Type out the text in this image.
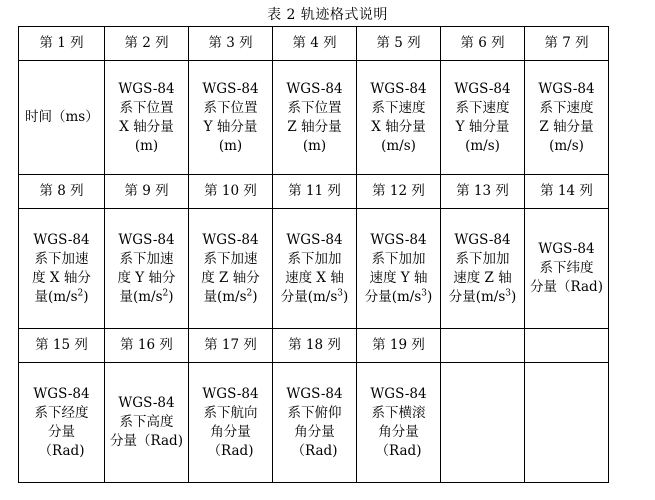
表 2 轨迹格式说明
第 1 列	第 2 列	第 3 列	第 4 列	第 5 列	第 6 列	第 7 列

时间（ms）	WGS-84
系下位置
X 轴分量
(m)	WGS-84
系下位置
Y 轴分量
(m)	WGS-84
系下位置
Z 轴分量
(m)	WGS-84
系下速度
X 轴分量
(m/s)	WGS-84
系下速度
Y 轴分量
(m/s)	WGS-84
系下速度
Z 轴分量
(m/s)

第 8 列	第 9 列	第 10 列	第 11 列	第 12 列	第 13 列	第 14 列

WGS-84
系下加速
度 X 轴分
量$(m/s^2)$	WGS-84
系下加速
度 Y 轴分
量$(m/s^2)$	WGS-84
系下加速
度 Z 轴分
量$(m/s^2)$	WGS-84
系下加加
速度 X 轴
分量$(m/s^3)$	WGS-84
系下加加
速度 Y 轴
分量$(m/s^3)$	WGS-84
系下加加
速度 Z 轴
分量$(m/s^3)$	WGS-84
系下纬度
分量（Rad)

第 15 列	第 16 列	第 17 列	第 18 列	第 19 列		

WGS-84
系下经度
分量
（Rad)	WGS-84
系下高度
分量（Rad)	WGS-84
系下航向
角分量
（Rad)	WGS-84
系下俯仰
角分量
（Rad)	WGS-84
系下横滚
角分量
（Rad)		
